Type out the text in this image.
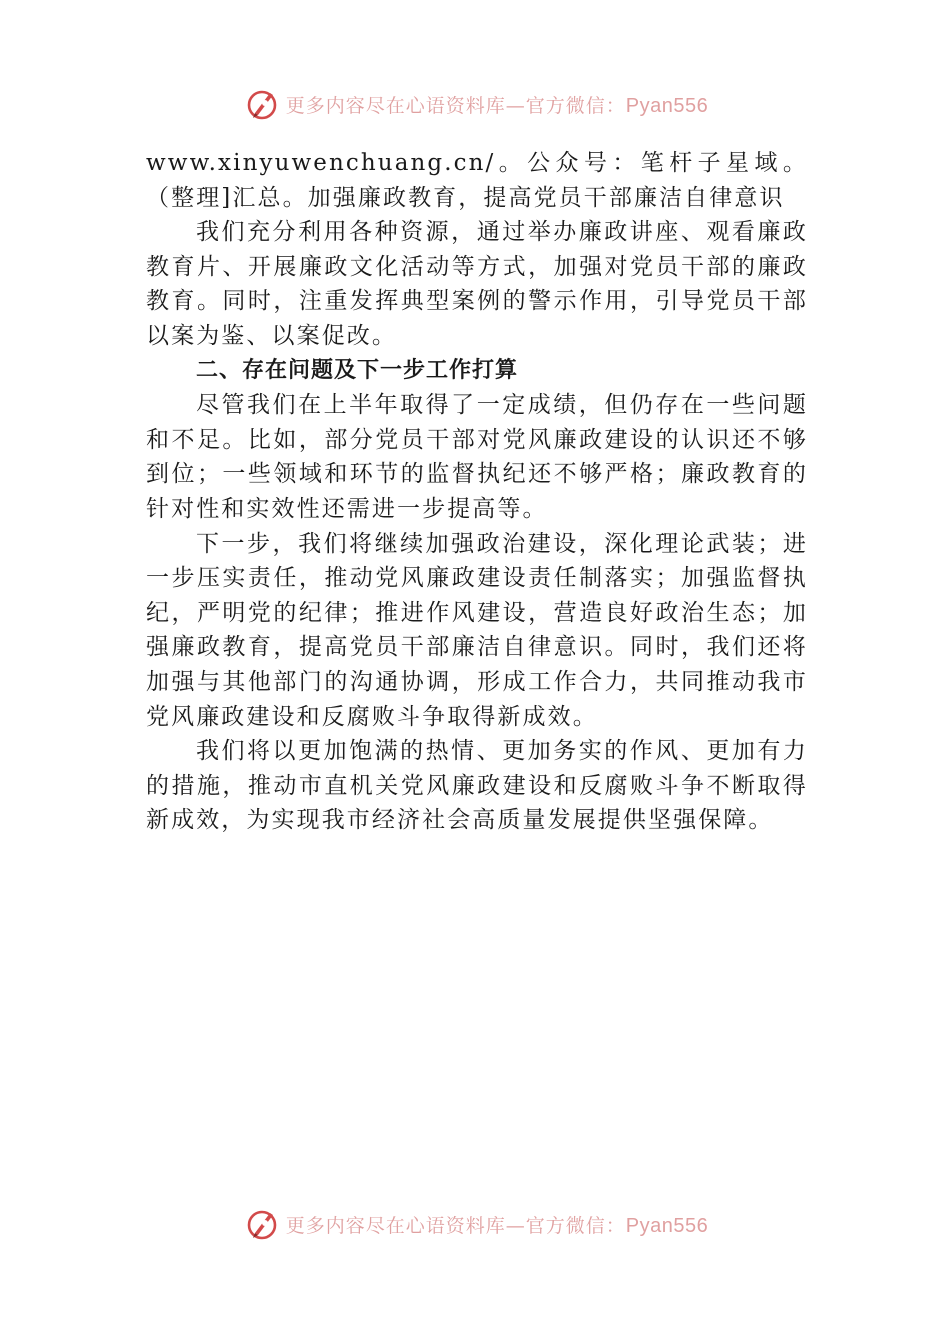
更多内容尽在心语资料库—官方微信：Pyan556

www.xinyuwenchuang.cn/。公众号：笔杆子星域。（整理]汇总。加强廉政教育，提高党员干部廉洁自律意识

我们充分利用各种资源，通过举办廉政讲座、观看廉政教育片、开展廉政文化活动等方式，加强对党员干部的廉政教育。同时，注重发挥典型案例的警示作用，引导党员干部以案为鉴、以案促改。

二、存在问题及下一步工作打算

尽管我们在上半年取得了一定成绩，但仍存在一些问题和不足。比如，部分党员干部对党风廉政建设的认识还不够到位；一些领域和环节的监督执纪还不够严格；廉政教育的针对性和实效性还需进一步提高等。

下一步，我们将继续加强政治建设，深化理论武装；进一步压实责任，推动党风廉政建设责任制落实；加强监督执纪，严明党的纪律；推进作风建设，营造良好政治生态；加强廉政教育，提高党员干部廉洁自律意识。同时，我们还将加强与其他部门的沟通协调，形成工作合力，共同推动我市党风廉政建设和反腐败斗争取得新成效。

我们将以更加饱满的热情、更加务实的作风、更加有力的措施，推动市直机关党风廉政建设和反腐败斗争不断取得新成效，为实现我市经济社会高质量发展提供坚强保障。

更多内容尽在心语资料库—官方微信：Pyan556
